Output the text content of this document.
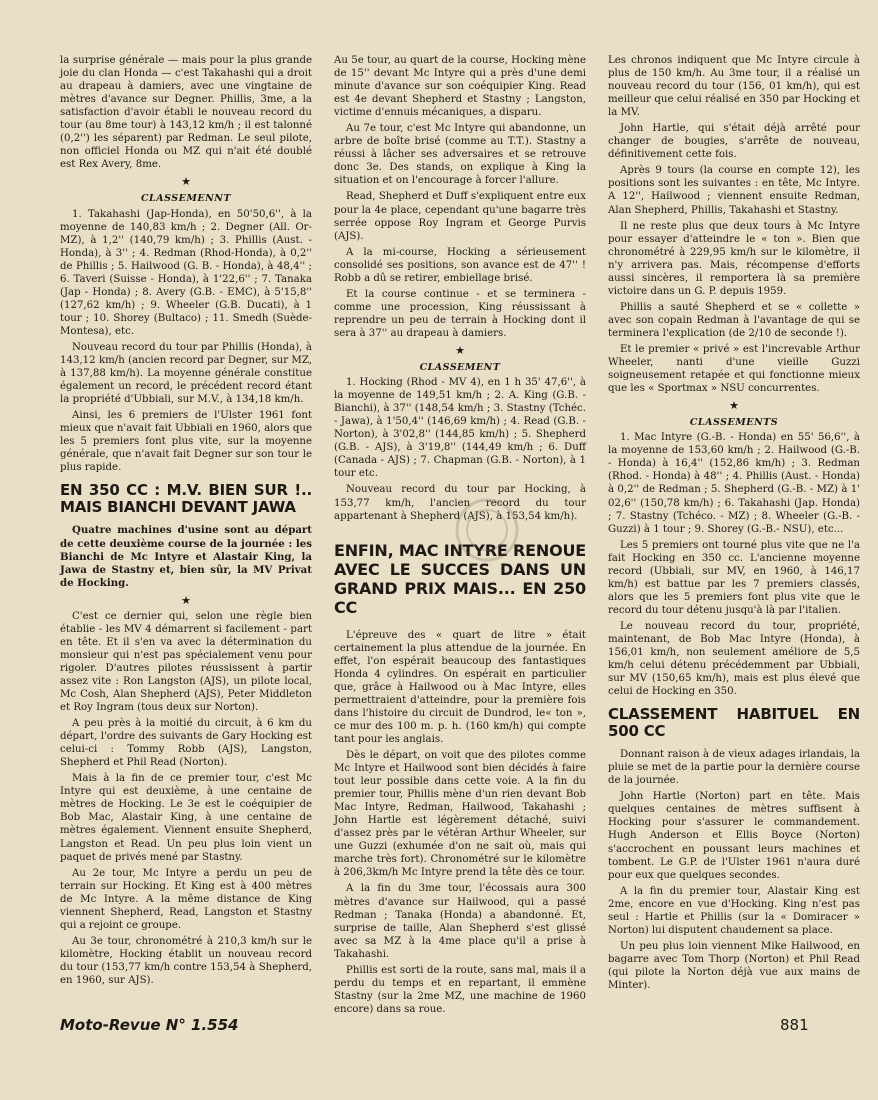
la surprise générale — mais pour la plus grande joie du clan Honda — c'est Takahashi qui a droit au drapeau à damiers, avec une vingtaine de mètres d'avance sur Degner. Phillis, 3me, a la satisfaction d'avoir établi le nouveau record du tour (au 8me tour) à 143,12 km/h ; il est talonné (0,2'') les séparent) par Redman. Le seul pilote, non officiel Honda ou MZ qui n'ait été doublé est Rex Avery, 8me.

★
CLASSEMENNT

1. Takahashi (Jap-Honda), en 50'50,6'', à la moyenne de 140,83 km/h ; 2. Degner (All. Or-MZ), à 1,2'' (140,79 km/h) ; 3. Phillis (Aust. - Honda), à 3'' ; 4. Redman (Rhod-Honda), à 0,2'' de Phillis ; 5. Hailwood (G. B. - Honda), à 48,4'' ; 6. Taveri (Suisse - Honda), à 1'22,6'' ; 7. Tanaka (Jap - Honda) ; 8. Avery (G.B. - EMC), à 5'15,8'' (127,62 km/h) ; 9. Wheeler (G.B. Ducati), à 1 tour ; 10. Shorey (Bultaco) ; 11. Smedh (Suède-Montesa), etc.

Nouveau record du tour par Phillis (Honda), à 143,12 km/h (ancien record par Degner, sur MZ, à 137,88 km/h). La moyenne générale constitue également un record, le précédent record étant la propriété d'Ubbiali, sur M.V., à 134,18 km/h.

Ainsi, les 6 premiers de l'Ulster 1961 font mieux que n'avait fait Ubbiali en 1960, alors que les 5 premiers font plus vite, sur la moyenne générale, que n'avait fait Degner sur son tour le plus rapide.

EN 350 CC : M.V. BIEN SUR !.. MAIS BIANCHI DEVANT JAWA

Quatre machines d'usine sont au départ de cette deuxième course de la journée : les Bianchi de Mc Intyre et Alastair King, la Jawa de Stastny et, bien sûr, la MV Privat de Hocking.

★

C'est ce dernier qui, selon une règle bien établie - les MV 4 démarrent si facilement - part en tête. Et il s'en va avec la détermination du monsieur qui n'est pas spécialement venu pour rigoler. D'autres pilotes réussissent à partir assez vite : Ron Langston (AJS), un pilote local, Mc Cosh, Alan Shepherd (AJS), Peter Middleton et Roy Ingram (tous deux sur Norton).

A peu près à la moitié du circuit, à 6 km du départ, l'ordre des suivants de Gary Hocking est celui-ci : Tommy Robb (AJS), Langston, Shepherd et Phil Read (Norton).

Mais à la fin de ce premier tour, c'est Mc Intyre qui est deuxième, à une centaine de mètres de Hocking. Le 3e est le coéquipier de Bob Mac, Alastair King, à une centaine de mètres également. Viennent ensuite Shepherd, Langston et Read. Un peu plus loin vient un paquet de privés mené par Stastny.

Au 2e tour, Mc Intyre a perdu un peu de terrain sur Hocking. Et King est à 400 mètres de Mc Intyre. A la même distance de King viennent Shepherd, Read, Langston et Stastny qui a rejoint ce groupe.

Au 3e tour, chronométré à 210,3 km/h sur le kilomètre, Hocking établit un nouveau record du tour (153,77 km/h contre 153,54 à Shepherd, en 1960, sur AJS).

Au 5e tour, au quart de la course, Hocking mène de 15'' devant Mc Intyre qui a près d'une demi minute d'avance sur son coéquipier King. Read est 4e devant Shepherd et Stastny ; Langston, victime d'ennuis mécaniques, a disparu.

Au 7e tour, c'est Mc Intyre qui abandonne, un arbre de boîte brisé (comme au T.T.). Stastny a réussi à lâcher ses adversaires et se retrouve donc 3e. Des stands, on explique à King la situation et on l'encourage à forcer l'allure.

Read, Shepherd et Duff s'expliquent entre eux pour la 4e place, cependant qu'une bagarre très serrée oppose Roy Ingram et George Purvis (AJS).

A la mi-course, Hocking a sérieusement consolidé ses positions, son avance est de 47'' ! Robb a dû se retirer, embiellage brisé.

Et la course continue - et se terminera - comme une procession, King réussissant à reprendre un peu de terrain à Hocking dont il sera à 37'' au drapeau à damiers.

★
CLASSEMENT

1. Hocking (Rhod - MV 4), en 1 h 35' 47,6'', à la moyenne de 149,51 km/h ; 2. A. King (G.B. - Bianchi), à 37'' (148,54 km/h ; 3. Stastny (Tchéc. - Jawa), à 1'50,4'' (146,69 km/h) ; 4. Read (G.B. - Norton), à 3'02,8'' (144,85 km/h) ; 5. Shepherd (G.B. - AJS), à 3'19,8'' (144,49 km/h ; 6. Duff (Canada - AJS) ; 7. Chapman (G.B. - Norton), à 1 tour etc.

Nouveau record du tour par Hocking, à 153,77 km/h, l'ancien record du tour appartenant à Shepherd (AJS), à 153,54 km/h).

ENFIN, MAC INTYRE RENOUE AVEC LE SUCCES DANS UN GRAND PRIX MAIS... EN 250 CC

L'épreuve des « quart de litre » était certainement la plus attendue de la journée. En effet, l'on espérait beaucoup des fantastiques Honda 4 cylindres. On espérait en particulier que, grâce à Hailwood ou à Mac Intyre, elles permettraient d'atteindre, pour la première fois dans l'histoire du circuit de Dundrod, le« ton », ce mur des 100 m. p. h. (160 km/h) qui compte tant pour les anglais.

Dès le départ, on voit que des pilotes comme Mc Intyre et Hailwood sont bien décidés à faire tout leur possible dans cette voie. A la fin du premier tour, Phillis mène d'un rien devant Bob Mac Intyre, Redman, Hailwood, Takahashi ; John Hartle est légèrement détaché, suivi d'assez près par le vétéran Arthur Wheeler, sur une Guzzi (exhumée d'on ne sait où, mais qui marche très fort). Chronométré sur le kilomètre à 206,3km/h Mc Intyre prend la tête dès ce tour.

A la fin du 3me tour, l'écossais aura 300 mètres d'avance sur Hailwood, qui a passé Redman ; Tanaka (Honda) a abandonné. Et, surprise de taille, Alan Shepherd s'est glissé avec sa MZ à la 4me place qu'il a prise à Takahashi.

Phillis est sorti de la route, sans mal, mais il a perdu du temps et en repartant, il emmène Stastny (sur la 2me MZ, une machine de 1960 encore) dans sa roue.

Les chronos indiquent que Mc Intyre circule à plus de 150 km/h. Au 3me tour, il a réalisé un nouveau record du tour (156, 01 km/h), qui est meilleur que celui réalisé en 350 par Hocking et la MV.

John Hartle, qui s'était déjà arrêté pour changer de bougies, s'arrête de nouveau, définitivement cette fois.

Après 9 tours (la course en compte 12), les positions sont les suivantes : en tête, Mc Intyre. A 12'', Hailwood ; viennent ensuite Redman, Alan Shepherd, Phillis, Takahashi et Stastny.

Il ne reste plus que deux tours à Mc Intyre pour essayer d'atteindre le « ton ». Bien que chronométré à 229,95 km/h sur le kilomètre, il n'y arrivera pas. Mais, récompense d'efforts aussi sincères, il remportera là sa première victoire dans un G. P. depuis 1959.

Phillis a sauté Shepherd et se « collette » avec son copain Redman à l'avantage de qui se terminera l'explication (de 2/10 de seconde !).

Et le premier « privé » est l'increvable Arthur Wheeler, nanti d'une vieille Guzzi soigneusement retapée et qui fonctionne mieux que les « Sportmax » NSU concurrentes.

★
CLASSEMENTS

1. Mac Intyre (G.-B. - Honda) en 55' 56,6'', à la moyenne de 153,60 km/h ; 2. Hailwood (G.-B. - Honda) à 16,4'' (152,86 km/h) ; 3. Redman (Rhod. - Honda) à 48'' ; 4. Phillis (Aust. - Honda) à 0,2'' de Redman ; 5. Shepherd (G.-B. - MZ) à 1' 02,6'' (150,78 km/h) ; 6. Takahashi (Jap. Honda) ; 7. Stastny (Tchéco. - MZ) ; 8. Wheeler (G.-B. - Guzzi) à 1 tour ; 9. Shorey (G.-B.- NSU), etc...

Les 5 premiers ont tourné plus vite que ne l'a fait Hocking en 350 cc. L'ancienne moyenne record (Ubbiali, sur MV, en 1960, à 146,17 km/h) est battue par les 7 premiers classés, alors que les 5 premiers font plus vite que le record du tour détenu jusqu'à là par l'italien.

Le nouveau record du tour, propriété, maintenant, de Bob Mac Intyre (Honda), à 156,01 km/h, non seulement améliore de 5,5 km/h celui détenu précédemment par Ubbiali, sur MV (150,65 km/h), mais est plus élevé que celui de Hocking en 350.

CLASSEMENT HABITUEL EN 500 CC

Donnant raison à de vieux adages irlandais, la pluie se met de la partie pour la dernière course de la journée.

John Hartle (Norton) part en tête. Mais quelques centaines de mètres suffisent à Hocking pour s'assurer le commandement. Hugh Anderson et Ellis Boyce (Norton) s'accrochent en poussant leurs machines et tombent. Le G.P. de l'Ulster 1961 n'aura duré pour eux que quelques secondes.

A la fin du premier tour, Alastair King est 2me, encore en vue d'Hocking. King n'est pas seul : Hartle et Phillis (sur la « Domiracer » Norton) lui disputent chaudement sa place.

Un peu plus loin viennent Mike Hailwood, en bagarre avec Tom Thorp (Norton) et Phil Read (qui pilote la Norton déjà vue aux mains de Minter).

Moto-Revue N° 1.554	881
